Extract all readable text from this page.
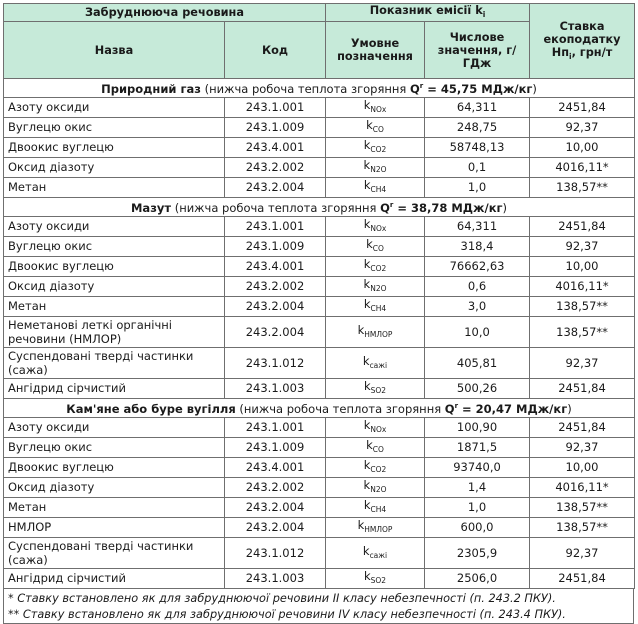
Забруднююча речовина		Показник емісії $k_i$		Ставка екоподатку $Нп_і$, грн/т
Назва	Код	Умовне позначення	Числове значення, г/ГДж	
Природний газ (нижча робоча теплота згоряння $Q^r = 45,75$ МДж/кг)				
Азоту оксиди	243.1.001	$k_{NOx}$	64,311	2451,84
Вуглецю окис	243.1.009	$k_{CO}$	248,75	92,37
Двоокис вуглецю	243.4.001	$k_{CO2}$	58748,13	10,00
Оксид діазоту	243.2.002	$k_{N2O}$	0,1	4016,11*
Метан	243.2.004	$k_{CH4}$	1,0	138,57**
Мазут (нижча робоча теплота згоряння $Q^r = 38,78$ МДж/кг)				
Азоту оксиди	243.1.001	$k_{NOx}$	64,311	2451,84
Вуглецю окис	243.1.009	$k_{CO}$	318,4	92,37
Двоокис вуглецю	243.4.001	$k_{CO2}$	76662,63	10,00
Оксид діазоту	243.2.002	$k_{N2O}$	0,6	4016,11*
Метан	243.2.004	$k_{CH4}$	3,0	138,57**
Неметанові леткі органічні речовини (НМЛОР)	243.2.004	$k_{НМЛОР}$	10,0	138,57**
Суспендовані тверді частинки (сажа)	243.1.012	$k_{сажі}$	405,81	92,37
Ангідрид сірчистий	243.1.003	$k_{SO2}$	500,26	2451,84
Кам'яне або буре вугілля (нижча робоча теплота згоряння $Q^r = 20,47$ МДж/кг)				
Азоту оксиди	243.1.001	$k_{NOx}$	100,90	2451,84
Вуглецю окис	243.1.009	$k_{CO}$	1871,5	92,37
Двоокис вуглецю	243.4.001	$k_{CO2}$	93740,0	10,00
Оксид діазоту	243.2.002	$k_{N2O}$	1,4	4016,11*
Метан	243.2.004	$k_{CH4}$	1,0	138,57**
НМЛОР	243.2.004	$k_{НМЛОР}$	600,0	138,57**
Суспендовані тверді частинки (сажа)	243.1.012	$k_{сажі}$	2305,9	92,37
Ангідрид сірчистий	243.1.003	$k_{SO2}$	2506,0	2451,84
* Ставку встановлено як для забруднюючої речовини II класу небезпечності (п. 243.2 ПКУ).
** Ставку встановлено як для забруднюючої речовини IV класу небезпечності (п. 243.4 ПКУ).
